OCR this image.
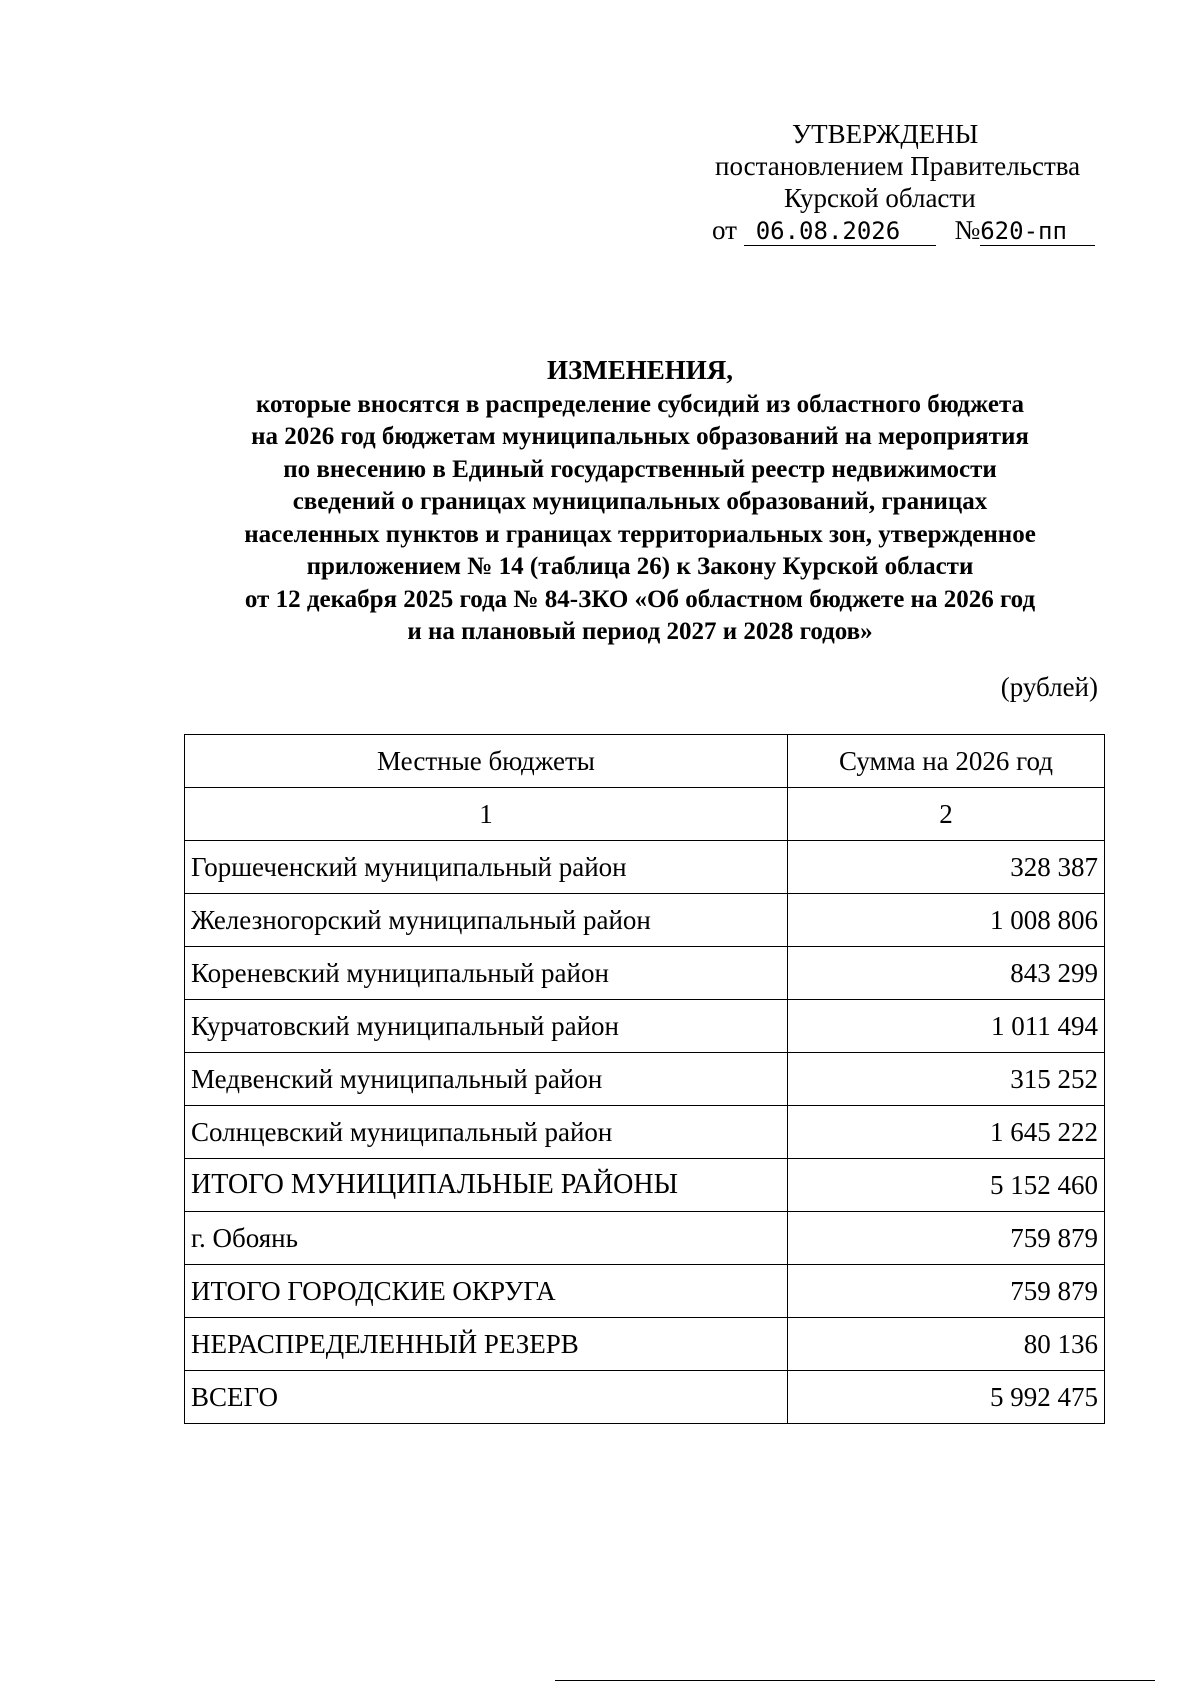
УТВЕРЖДЕНЫ
постановлением Правительства
Курской области
от 06.08.2026 №620-пп
ИЗМЕНЕНИЯ,
которые вносятся в распределение субсидий из областного бюджета
на 2026 год бюджетам муниципальных образований на мероприятия
по внесению в Единый государственный реестр недвижимости
сведений о границах муниципальных образований, границах
населенных пунктов и границах территориальных зон, утвержденное
приложением № 14 (таблица 26) к Закону Курской области
от 12 декабря 2025 года № 84-ЗКО «Об областном бюджете на 2026 год
и на плановый период 2027 и 2028 годов»
(рублей)
Местные бюджеты	Сумма на 2026 год
1	2
Горшеченский муниципальный район	328 387
Железногорский муниципальный район	1 008 806
Кореневский муниципальный район	843 299
Курчатовский муниципальный район	1 011 494
Медвенский муниципальный район	315 252
Солнцевский муниципальный район	1 645 222
ИТОГО МУНИЦИПАЛЬНЫЕ РАЙОНЫ	5 152 460
г. Обоянь	759 879
ИТОГО ГОРОДСКИЕ ОКРУГА	759 879
НЕРАСПРЕДЕЛЕННЫЙ РЕЗЕРВ	80 136
ВСЕГО	5 992 475
